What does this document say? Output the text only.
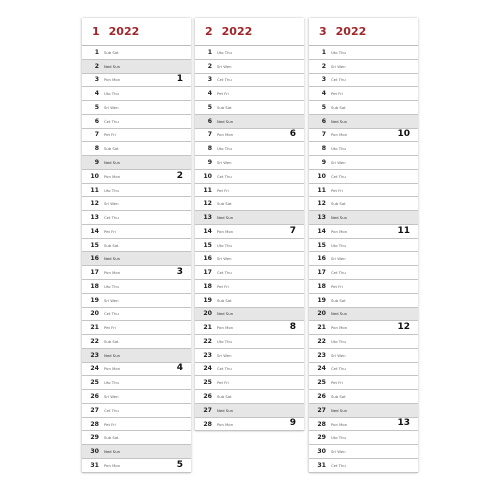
1 2022
1 Sub Sat
2 Ned Sun
3 Pon Mon	1
4 Uto Thu
5 Sri Wen
6 Čet Thu
7 Pet Fri
8 Sub Sat
9 Ned Sun
10 Pon Mon	2
11 Uto Thu
12 Sri Wen
13 Čet Thu
14 Pet Fri
15 Sub Sat
16 Ned Sun
17 Pon Mon	3
18 Uto Thu
19 Sri Wen
20 Čet Thu
21 Pet Fri
22 Sub Sat
23 Ned Sun
24 Pon Mon	4
25 Uto Thu
26 Sri Wen
27 Čet Thu
28 Pet Fri
29 Sub Sat
30 Ned Sun
31 Pon Mon	5
2 2022
1 Uto Thu
2 Sri Wen
3 Čet Thu
4 Pet Fri
5 Sub Sat
6 Ned Sun
7 Pon Mon	6
8 Uto Thu
9 Sri Wen
10 Čet Thu
11 Pet Fri
12 Sub Sat
13 Ned Sun
14 Pon Mon	7
15 Uto Thu
16 Sri Wen
17 Čet Thu
18 Pet Fri
19 Sub Sat
20 Ned Sun
21 Pon Mon	8
22 Uto Thu
23 Sri Wen
24 Čet Thu
25 Pet Fri
26 Sub Sat
27 Ned Sun
28 Pon Mon	9
3 2022
1 Uto Thu
2 Sri Wen
3 Čet Thu
4 Pet Fri
5 Sub Sat
6 Ned Sun
7 Pon Mon	10
8 Uto Thu
9 Sri Wen
10 Čet Thu
11 Pet Fri
12 Sub Sat
13 Ned Sun
14 Pon Mon	11
15 Uto Thu
16 Sri Wen
17 Čet Thu
18 Pet Fri
19 Sub Sat
20 Ned Sun
21 Pon Mon	12
22 Uto Thu
23 Sri Wen
24 Čet Thu
25 Pet Fri
26 Sub Sat
27 Ned Sun
28 Pon Mon	13
29 Uto Thu
30 Sri Wen
31 Čet Thu
